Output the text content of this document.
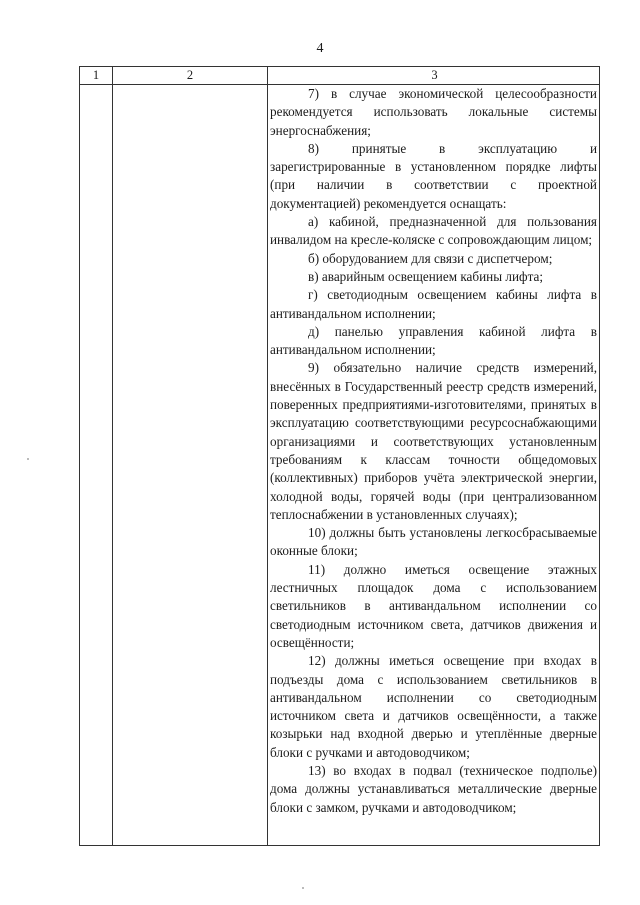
4
1	2	3

7) в случае экономической целесообразности рекомендуется использовать локальные системы энергоснабжения;

8) принятые в эксплуатацию и зарегистрированные в установленном порядке лифты (при наличии в соответствии с проектной документацией) рекомендуется оснащать:

а) кабиной, предназначенной для пользования инвалидом на кресле-коляске с сопровождающим лицом;

б) оборудованием для связи с диспетчером;

в) аварийным освещением кабины лифта;

г) светодиодным освещением кабины лифта в антивандальном исполнении;

д) панелью управления кабиной лифта в антивандальном исполнении;

9) обязательно наличие средств измерений, внесённых в Государственный реестр средств измерений, поверенных предприятиями-изготовителями, принятых в эксплуатацию соответствующими ресурсоснабжающими организациями и соответствующих установленным требованиям к классам точности общедомовых (коллективных) приборов учёта электрической энергии, холодной воды, горячей воды (при централизованном теплоснабжении в установленных случаях);

10) должны быть установлены легкосбрасываемые оконные блоки;

11) должно иметься освещение этажных лестничных площадок дома с использованием светильников в антивандальном исполнении со светодиодным источником света, датчиков движения и освещённости;

12) должны иметься освещение при входах в подъезды дома с использованием светильников в антивандальном исполнении со светодиодным источником света и датчиков освещённости, а также козырьки над входной дверью и утеплённые дверные блоки с ручками и автодоводчиком;

13) во входах в подвал (техническое подполье) дома должны устанавливаться металлические дверные блоки с замком, ручками и автодоводчиком;
